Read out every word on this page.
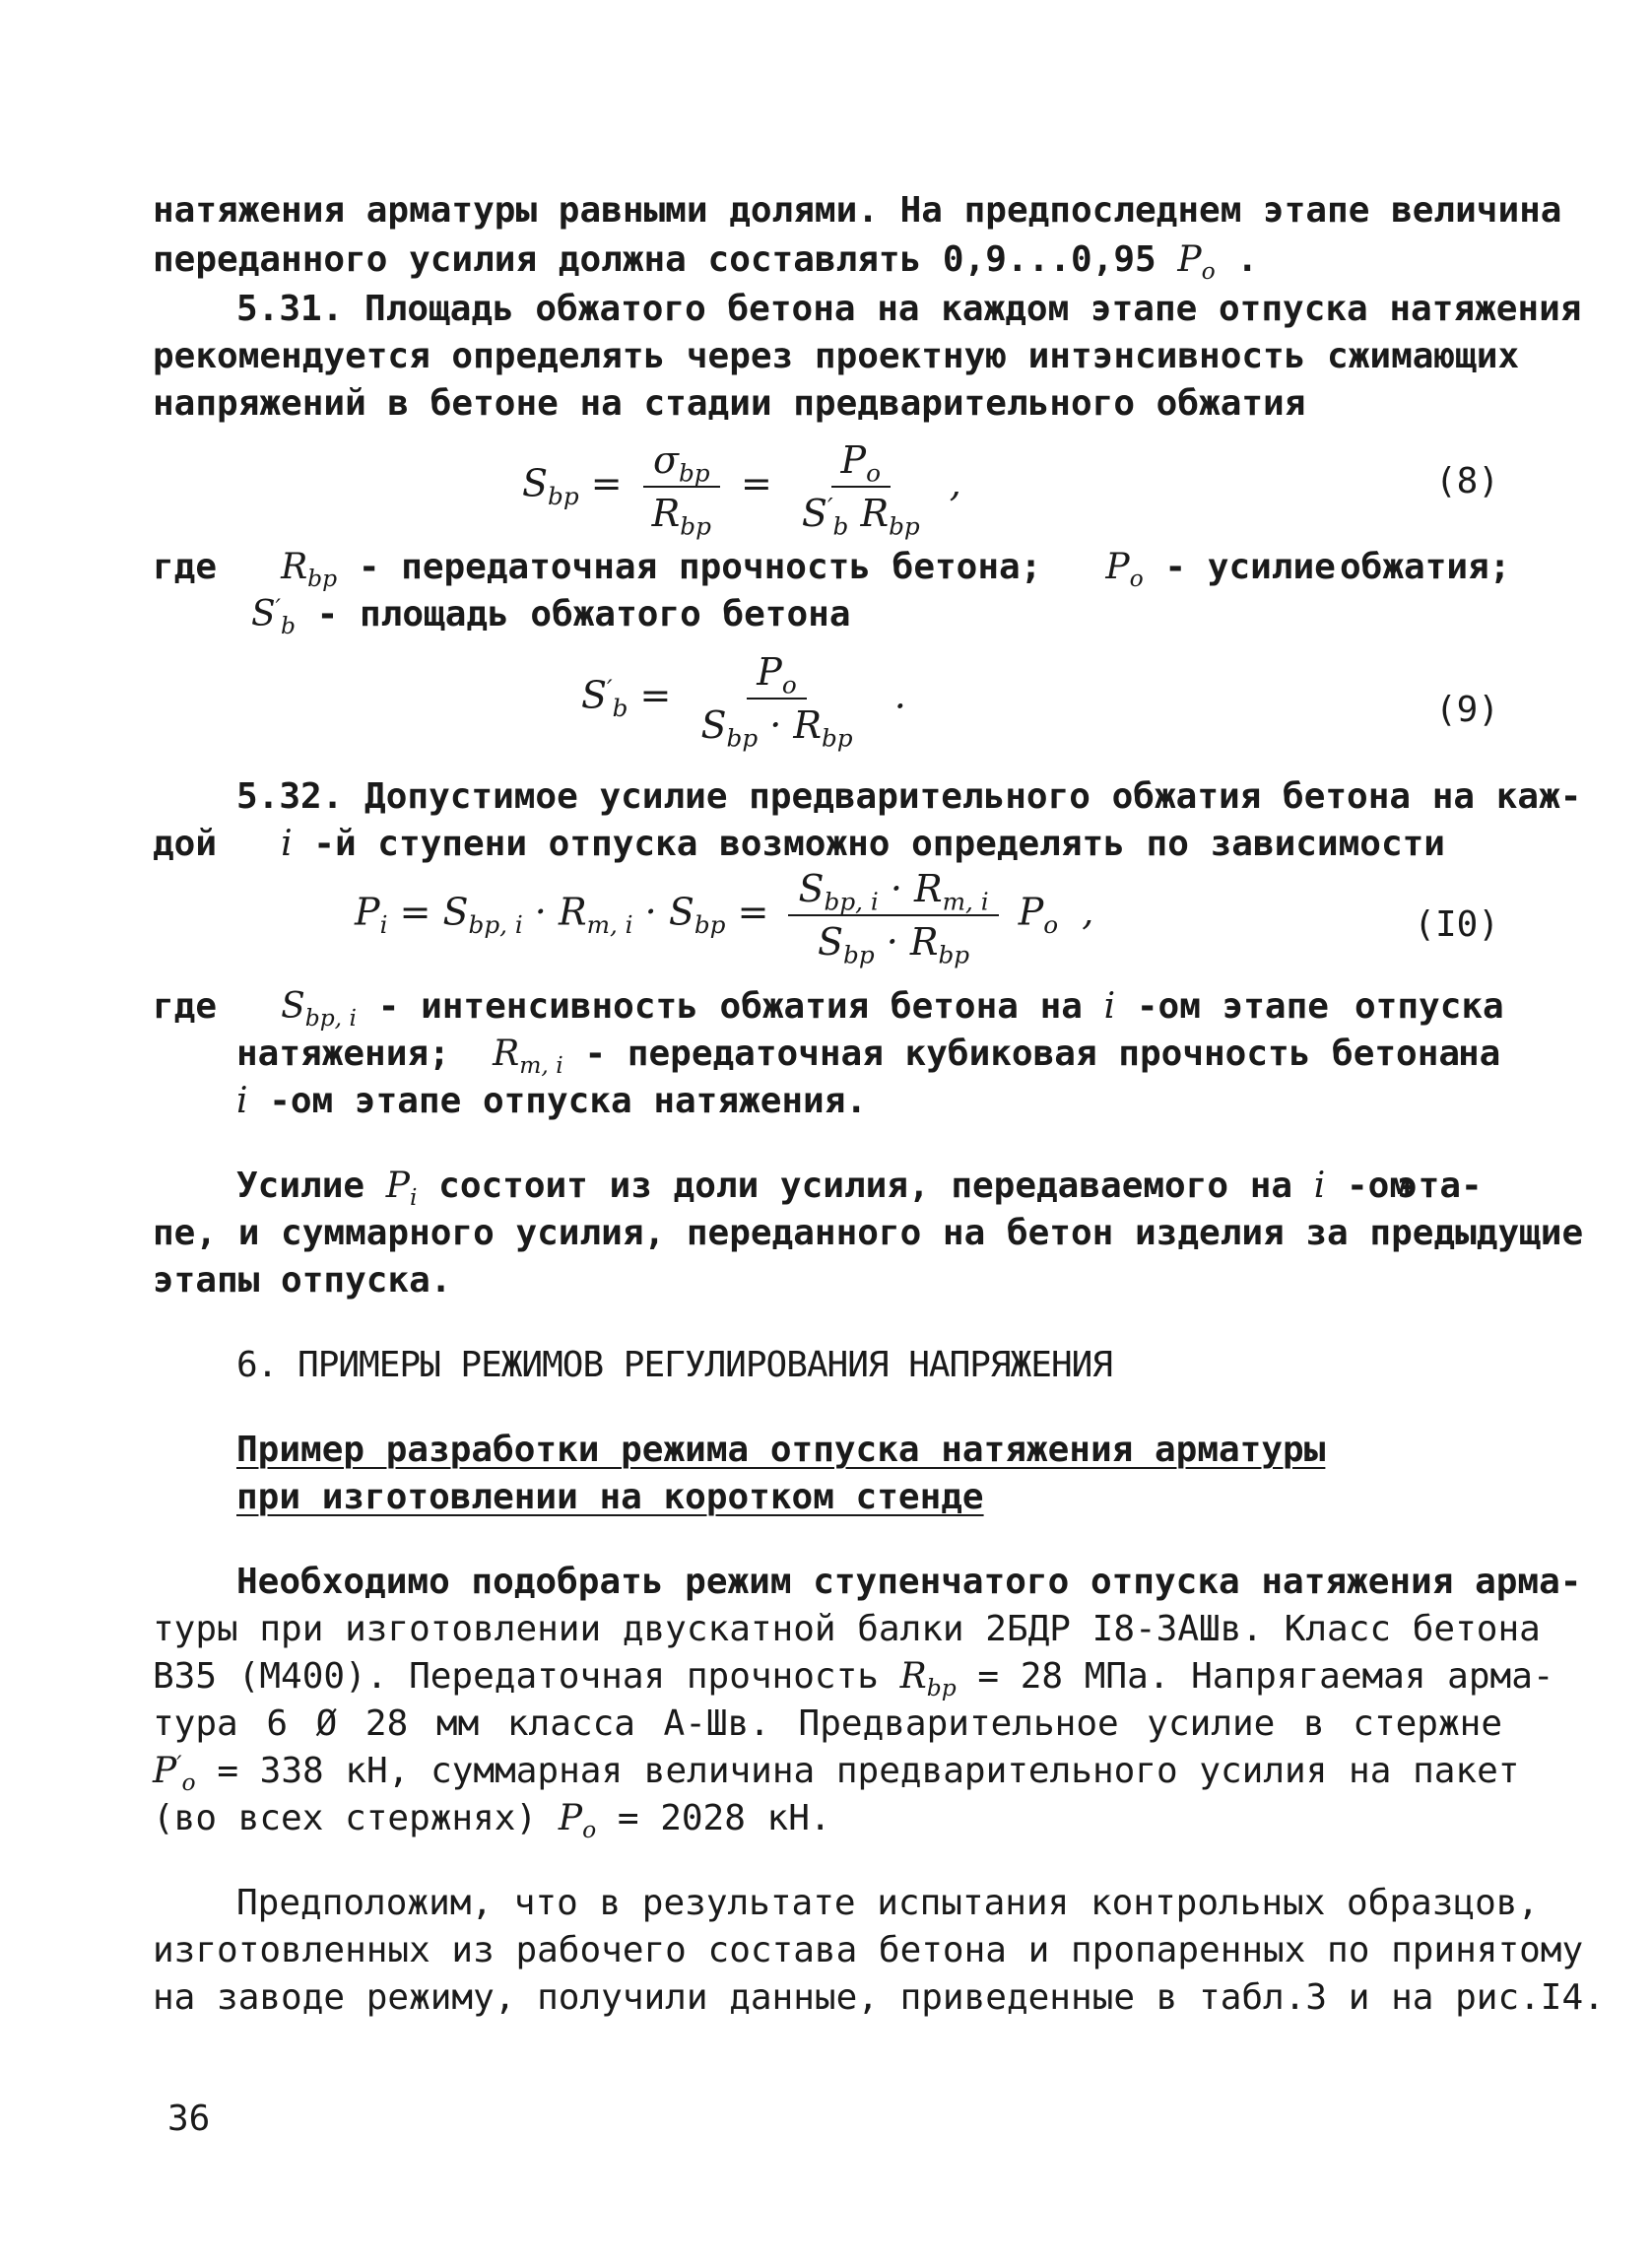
натяжения арматуры равными долями. На предпоследнем этапе величина
переданного усилия должна составлять 0,9...0,95 $P_o$ .
5.31. Площадь обжатого бетона на каждом этапе отпуска натяжения
рекомендуется определять через проектную интэнсивность сжимающих
напряжений в бетоне на стадии предварительного обжатия
$S_{bp} = \frac{\sigma_{bp}}{R_{bp}} = \frac{P_o}{S'_b R_{bp}}$ ,	(8)
где $R_{bp}$ - передаточная прочность бетона; $P_o$ - усилие обжатия;
$S'_b$ - площадь обжатого бетона
$S'_b = \frac{P_o}{S_{bp} \cdot R_{bp}}$ .	(9)
5.32. Допустимое усилие предварительного обжатия бетона на каж-
дой i -й ступени отпуска возможно определять по зависимости
$P_i = S_{bp, i} \cdot R_{m, i} \cdot S_{bp} = \frac{S_{bp, i} \cdot R_{m, i}}{S_{bp} \cdot R_{bp}} P_o$  ,	(I0)
где $S_{bp, i}$ - интенсивность обжатия бетона на i -ом этапе отпуска
натяжения; $R_{m, i}$ - передаточная кубиковая прочность бетона
на
i -ом этапе отпуска натяжения.
Усилие $P_i$ состоит из доли усилия, передаваемого на i -ом
эта-
пе, и суммарного усилия, переданного на бетон изделия за предыдущие
этапы отпуска.
6. ПРИМЕРЫ РЕЖИМОВ РЕГУЛИРОВАНИЯ НАПРЯЖЕНИЯ
Пример разработки режима отпуска натяжения арматуры
при изготовлении на коротком стенде
Необходимо подобрать режим ступенчатого отпуска натяжения арма-
туры при изготовлении двускатной балки 2БДР I8-3АШв. Класс бетона
В35 (М400). Передаточная прочность $R_{bp} = 28$ МПа. Напрягаемая арма-
тура 6 Ø 28 мм класса А-Шв. Предварительное усилие в стержне
$P'_o = 338$ кН, суммарная величина предварительного усилия на пакет
(во всех стержнях) $P_o = 2028$ кН.
Предположим, что в результате испытания контрольных образцов,
изготовленных из рабочего состава бетона и пропаренных по принятому
на заводе режиму, получили данные, приведенные в табл.3 и на рис.I4.
36
